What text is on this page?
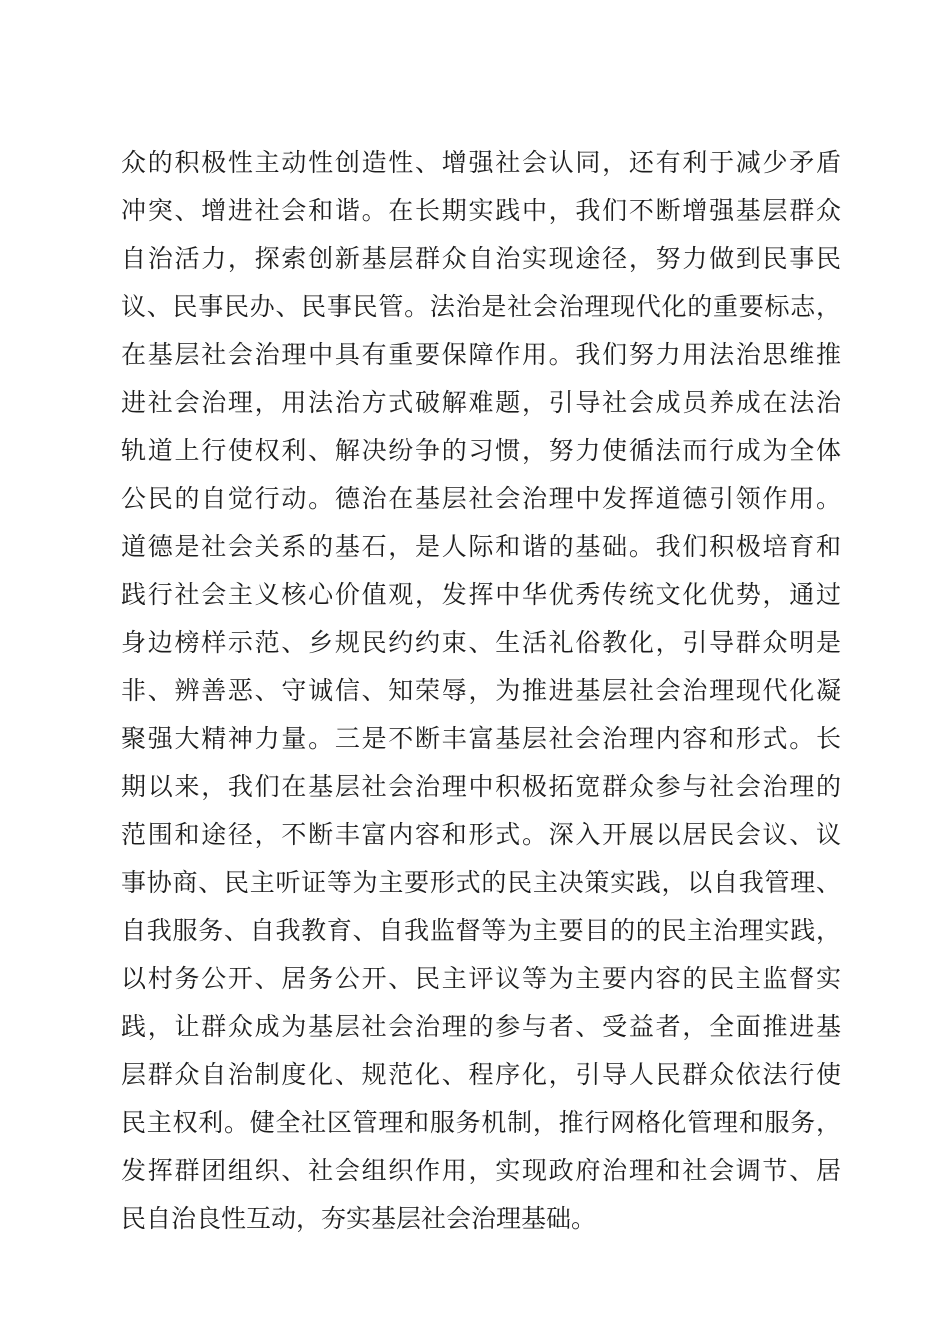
众的积极性主动性创造性、增强社会认同，还有利于减少矛盾
冲突、增进社会和谐。在长期实践中，我们不断增强基层群众
自治活力，探索创新基层群众自治实现途径，努力做到民事民
议、民事民办、民事民管。法治是社会治理现代化的重要标志，
在基层社会治理中具有重要保障作用。我们努力用法治思维推
进社会治理，用法治方式破解难题，引导社会成员养成在法治
轨道上行使权利、解决纷争的习惯，努力使循法而行成为全体
公民的自觉行动。德治在基层社会治理中发挥道德引领作用。
道德是社会关系的基石，是人际和谐的基础。我们积极培育和
践行社会主义核心价值观，发挥中华优秀传统文化优势，通过
身边榜样示范、乡规民约约束、生活礼俗教化，引导群众明是
非、辨善恶、守诚信、知荣辱，为推进基层社会治理现代化凝
聚强大精神力量。三是不断丰富基层社会治理内容和形式。长
期以来，我们在基层社会治理中积极拓宽群众参与社会治理的
范围和途径，不断丰富内容和形式。深入开展以居民会议、议
事协商、民主听证等为主要形式的民主决策实践，以自我管理、
自我服务、自我教育、自我监督等为主要目的的民主治理实践，
以村务公开、居务公开、民主评议等为主要内容的民主监督实
践，让群众成为基层社会治理的参与者、受益者，全面推进基
层群众自治制度化、规范化、程序化，引导人民群众依法行使
民主权利。健全社区管理和服务机制，推行网格化管理和服务，
发挥群团组织、社会组织作用，实现政府治理和社会调节、居
民自治良性互动，夯实基层社会治理基础。
